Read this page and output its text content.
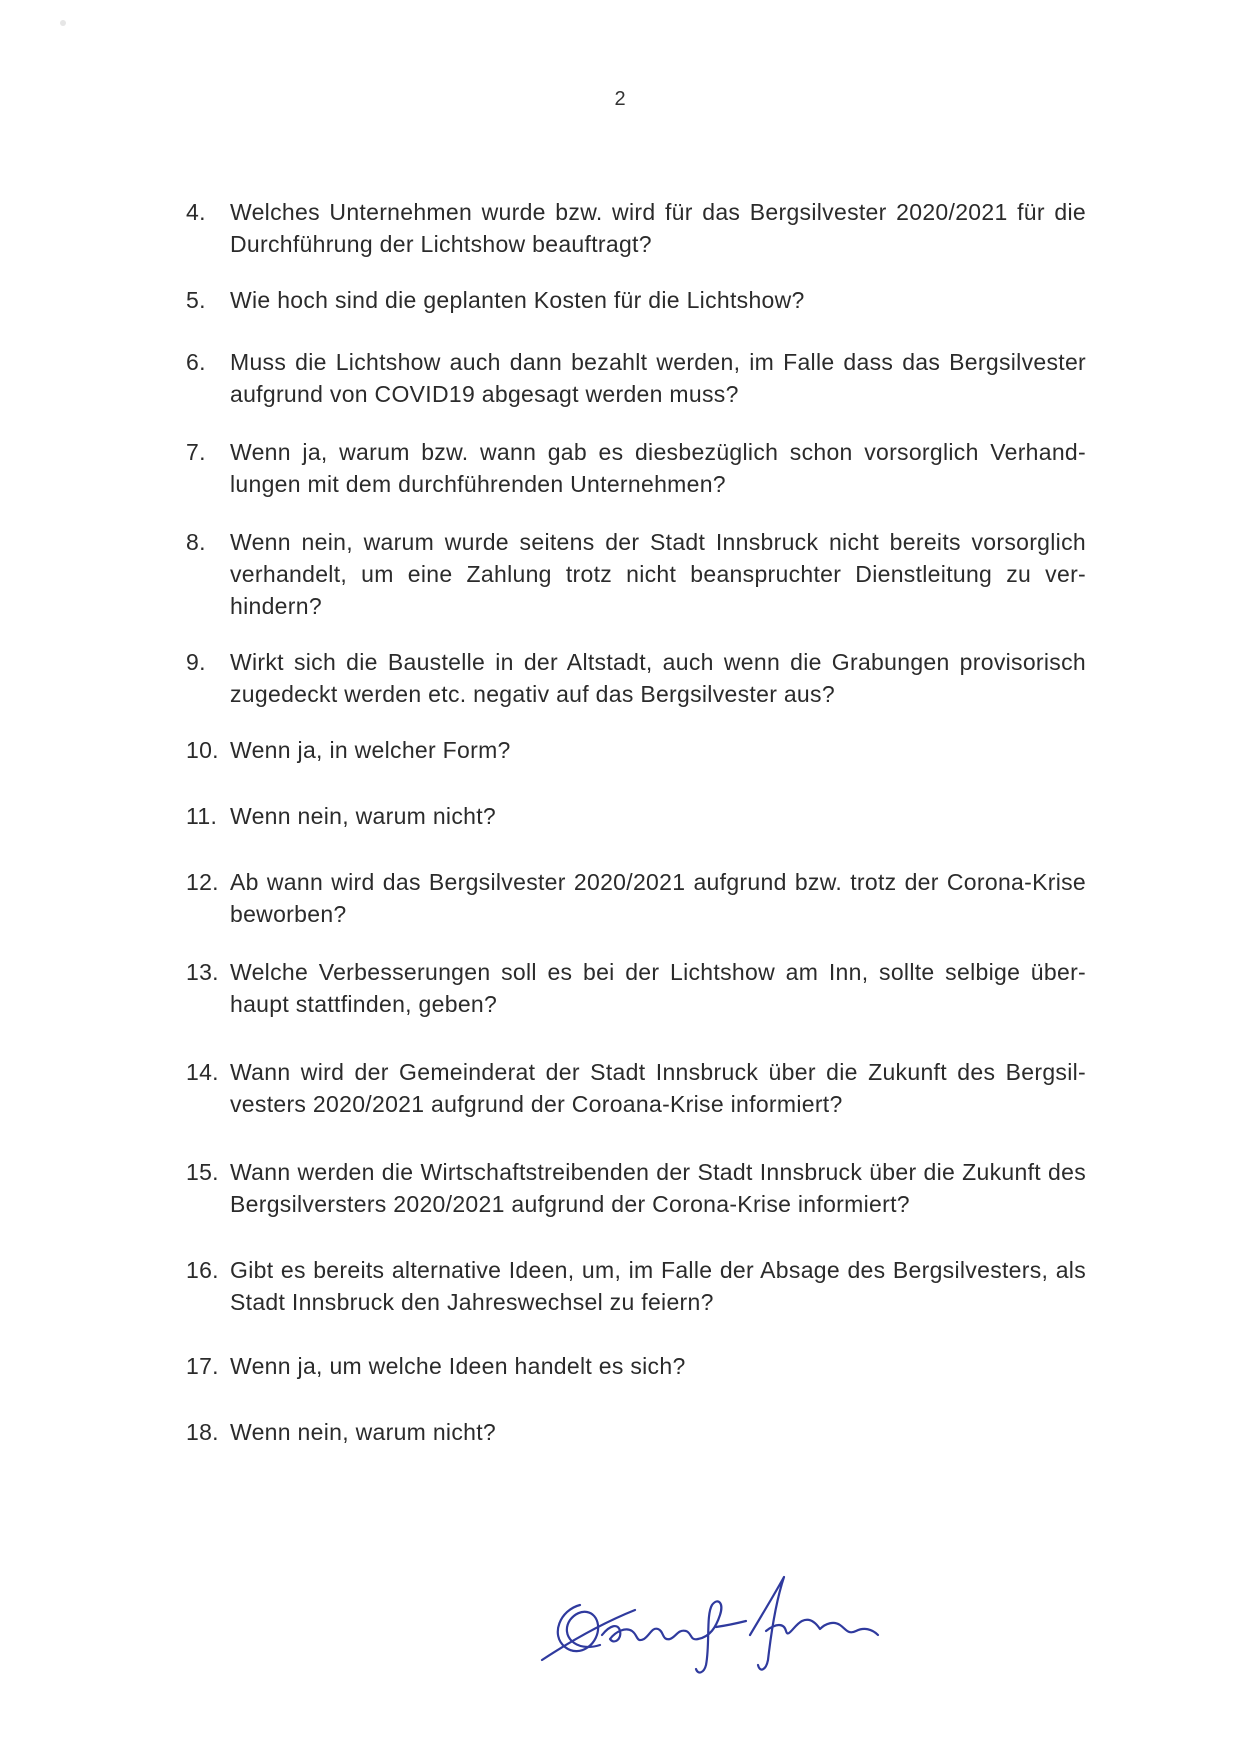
2
4.	Welches Unternehmen wurde bzw. wird für das Bergsilvester 2020/2021 für die Durchführung der Lichtshow beauftragt?
5.	Wie hoch sind die geplanten Kosten für die Lichtshow?
6.	Muss die Lichtshow auch dann bezahlt werden, im Falle dass das Bergsilvester aufgrund von COVID19 abgesagt werden muss?
7.	Wenn ja, warum bzw. wann gab es diesbezüglich schon vorsorglich Verhand-lungen mit dem durchführenden Unternehmen?
8.	Wenn nein, warum wurde seitens der Stadt Innsbruck nicht bereits vorsorglich verhandelt, um eine Zahlung trotz nicht beanspruchter Dienstleitung zu ver-hindern?
9.	Wirkt sich die Baustelle in der Altstadt, auch wenn die Grabungen provisorisch zugedeckt werden etc. negativ auf das Bergsilvester aus?
10. Wenn ja, in welcher Form?
11. Wenn nein, warum nicht?
12. Ab wann wird das Bergsilvester 2020/2021 aufgrund bzw. trotz der Corona-Krise beworben?
13. Welche Verbesserungen soll es bei der Lichtshow am Inn, sollte selbige über-haupt stattfinden, geben?
14. Wann wird der Gemeinderat der Stadt Innsbruck über die Zukunft des Bergsil-vesters 2020/2021 aufgrund der Coroana-Krise informiert?
15. Wann werden die Wirtschaftstreibenden der Stadt Innsbruck über die Zukunft des Bergsilversters 2020/2021 aufgrund der Corona-Krise informiert?
16. Gibt es bereits alternative Ideen, um, im Falle der Absage des Bergsilvesters, als Stadt Innsbruck den Jahreswechsel zu feiern?
17. Wenn ja, um welche Ideen handelt es sich?
18. Wenn nein, warum nicht?
